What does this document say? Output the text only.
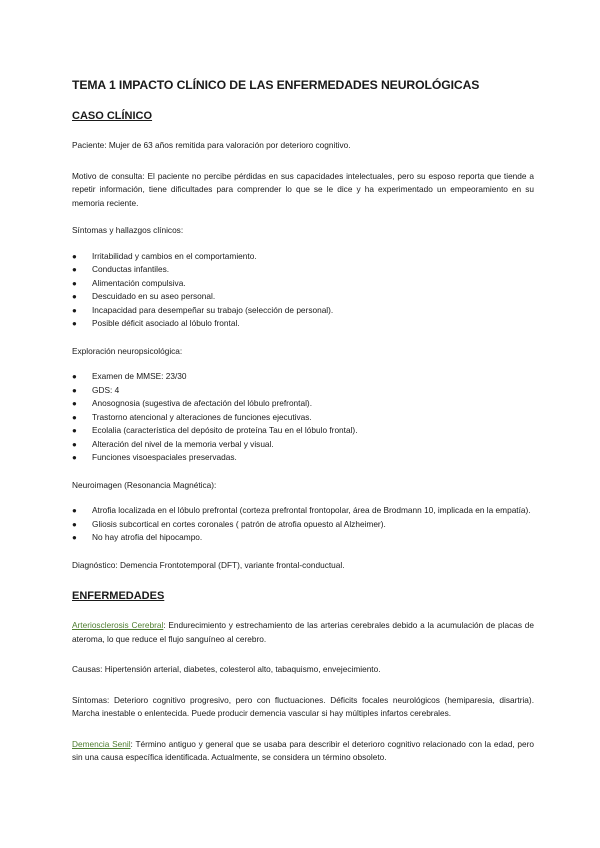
TEMA 1 IMPACTO CLÍNICO DE LAS ENFERMEDADES NEUROLÓGICAS
CASO CLÍNICO

Paciente: Mujer de 63 años remitida para valoración por deterioro cognitivo.

Motivo de consulta: El paciente no percibe pérdidas en sus capacidades intelectuales, pero su esposo reporta que tiende a repetir información, tiene dificultades para comprender lo que se le dice y ha experimentado un empeoramiento en su memoria reciente.

Síntomas y hallazgos clínicos:

● Irritabilidad y cambios en el comportamiento.
● Conductas infantiles.
● Alimentación compulsiva.
● Descuidado en su aseo personal.
● Incapacidad para desempeñar su trabajo (selección de personal).
● Posible déficit asociado al lóbulo frontal.

Exploración neuropsicológica:

● Examen de MMSE: 23/30
● GDS: 4
● Anosognosia (sugestiva de afectación del lóbulo prefrontal).
● Trastorno atencional y alteraciones de funciones ejecutivas.
● Ecolalia (característica del depósito de proteína Tau en el lóbulo frontal).
● Alteración del nivel de la memoria verbal y visual.
● Funciones visoespaciales preservadas.

Neuroimagen (Resonancia Magnética):

● Atrofia localizada en el lóbulo prefrontal (corteza prefrontal frontopolar, área de Brodmann 10, implicada en la empatía).
● Gliosis subcortical en cortes coronales ( patrón de atrofia opuesto al Alzheimer).
● No hay atrofia del hipocampo.

Diagnóstico: Demencia Frontotemporal (DFT), variante frontal-conductual.

ENFERMEDADES

Arteriosclerosis Cerebral: Endurecimiento y estrechamiento de las arterias cerebrales debido a la acumulación de placas de ateroma, lo que reduce el flujo sanguíneo al cerebro.

Causas: Hipertensión arterial, diabetes, colesterol alto, tabaquismo, envejecimiento.

Síntomas: Deterioro cognitivo progresivo, pero con fluctuaciones. Déficits focales neurológicos (hemiparesia, disartria). Marcha inestable o enlentecida. Puede producir demencia vascular si hay múltiples infartos cerebrales.

Demencia Senil: Término antiguo y general que se usaba para describir el deterioro cognitivo relacionado con la edad, pero sin una causa específica identificada. Actualmente, se considera un término obsoleto.
